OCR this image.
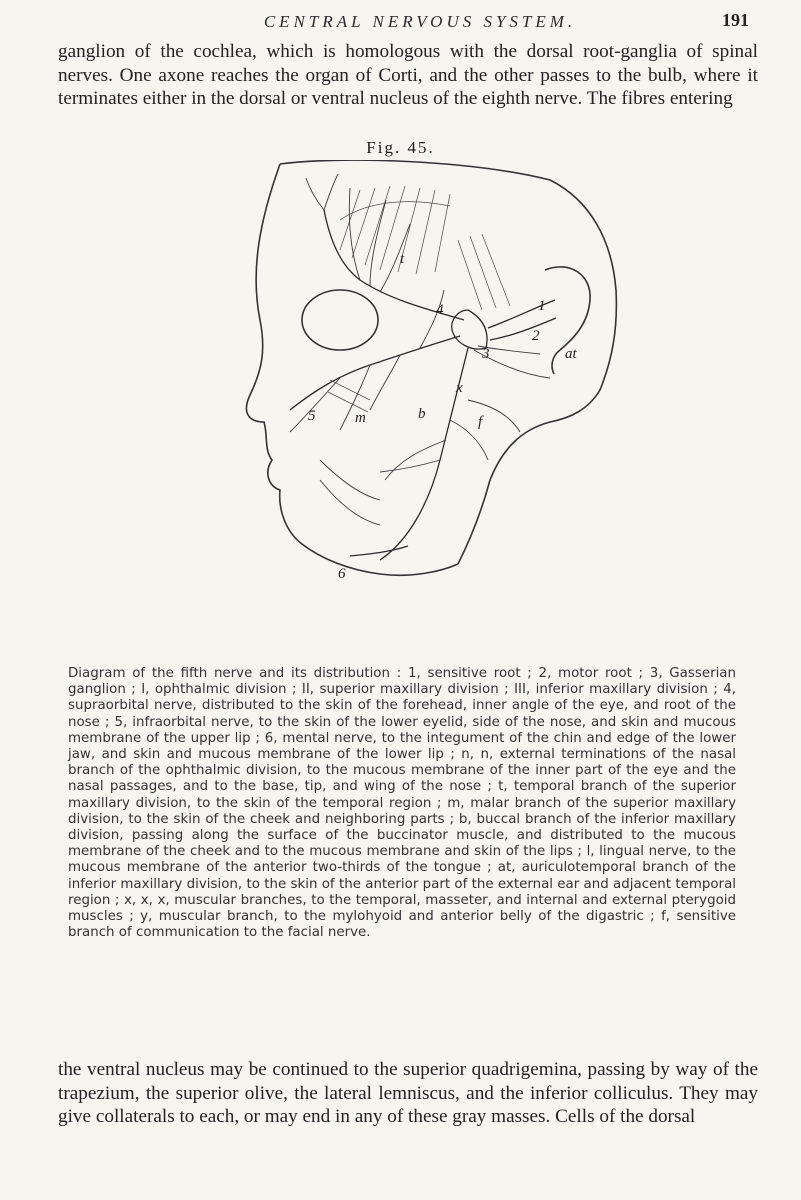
CENTRAL NERVOUS SYSTEM.	191

ganglion of the cochlea, which is homologous with the dorsal root-ganglia of spinal nerves. One axone reaches the organ of Corti, and the other passes to the bulb, where it terminates either in the dorsal or ventral nucleus of the eighth nerve. The fibres entering

Fig. 45.
t
at
4
3
2
1
5	m	b
x
f
6

Diagram of the fifth nerve and its distribution : 1, sensitive root ; 2, motor root ; 3, Gasserian ganglion ; I, ophthalmic division ; II, superior maxillary division ; III, inferior maxillary division ; 4, supraorbital nerve, distributed to the skin of the forehead, inner angle of the eye, and root of the nose ; 5, infraorbital nerve, to the skin of the lower eyelid, side of the nose, and skin and mucous membrane of the upper lip ; 6, mental nerve, to the integument of the chin and edge of the lower jaw, and skin and mucous membrane of the lower lip ; n, n, external terminations of the nasal branch of the ophthalmic division, to the mucous membrane of the inner part of the eye and the nasal passages, and to the base, tip, and wing of the nose ; t, temporal branch of the superior maxillary division, to the skin of the temporal region ; m, malar branch of the superior maxillary division, to the skin of the cheek and neighboring parts ; b, buccal branch of the inferior maxillary division, passing along the surface of the buccinator muscle, and distributed to the mucous membrane of the cheek and to the mucous membrane and skin of the lips ; l, lingual nerve, to the mucous membrane of the anterior two-thirds of the tongue ; at, auriculotemporal branch of the inferior maxillary division, to the skin of the anterior part of the external ear and adjacent temporal region ; x, x, x, muscular branches, to the temporal, masseter, and internal and external pterygoid muscles ; y, muscular branch, to the mylohyoid and anterior belly of the digastric ; f, sensitive branch of communication to the facial nerve.

the ventral nucleus may be continued to the superior quadrigemina, passing by way of the trapezium, the superior olive, the lateral lemniscus, and the inferior colliculus. They may give collaterals to each, or may end in any of these gray masses. Cells of the dorsal
